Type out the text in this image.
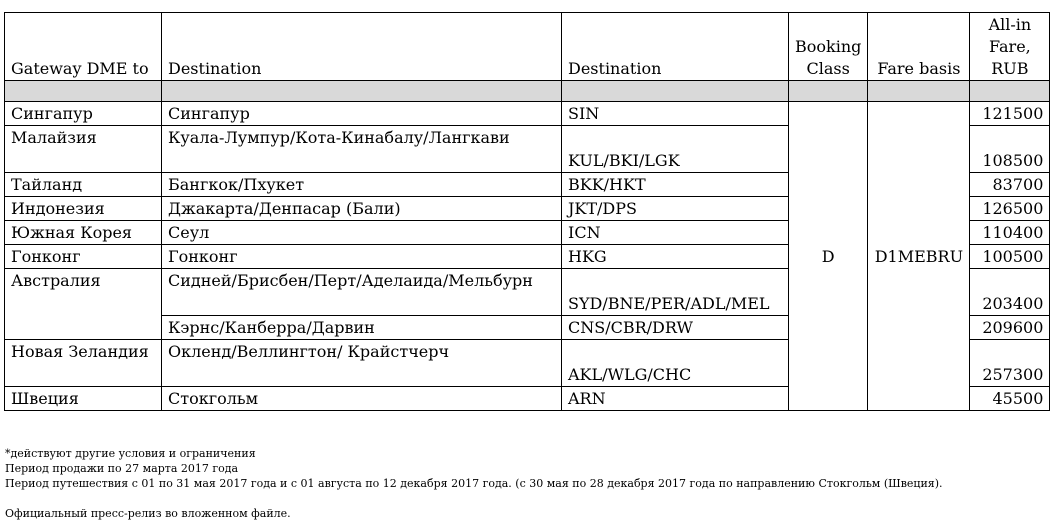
Gateway DME to	Destination	Destination	Booking Class	Fare basis	All-in Fare, RUB

Сингапур	Сингапур	SIN	D	D1MEBRU	121500
Малайзия	Куала-Лумпур/Кота-Кинабалу/Лангкави	KUL/BKI/LGK			108500
Тайланд	Бангкок/Пхукет	BKK/HKT			83700
Индонезия	Джакарта/Денпасар (Бали)	JKT/DPS			126500
Южная Корея	Сеул	ICN			110400
Гонконг	Гонконг	HKG			100500
Австралия	Сидней/Брисбен/Перт/Аделаида/Мельбурн	SYD/BNE/PER/ADL/MEL			203400
	Кэрнс/Канберра/Дарвин	CNS/CBR/DRW			209600
Новая Зеландия	Окленд/Веллингтон/ Крайстчерч	AKL/WLG/CHC			257300
Швеция	Стокгольм	ARN			45500
*действуют другие условия и ограничения
Период продажи по 27 марта 2017 года
Период путешествия с 01 по 31 мая 2017 года и с 01 августа по 12 декабря 2017 года. (с 30 мая по 28 декабря 2017 года по направлению Стокгольм (Швеция).
Официальный пресс-релиз во вложенном файле.
